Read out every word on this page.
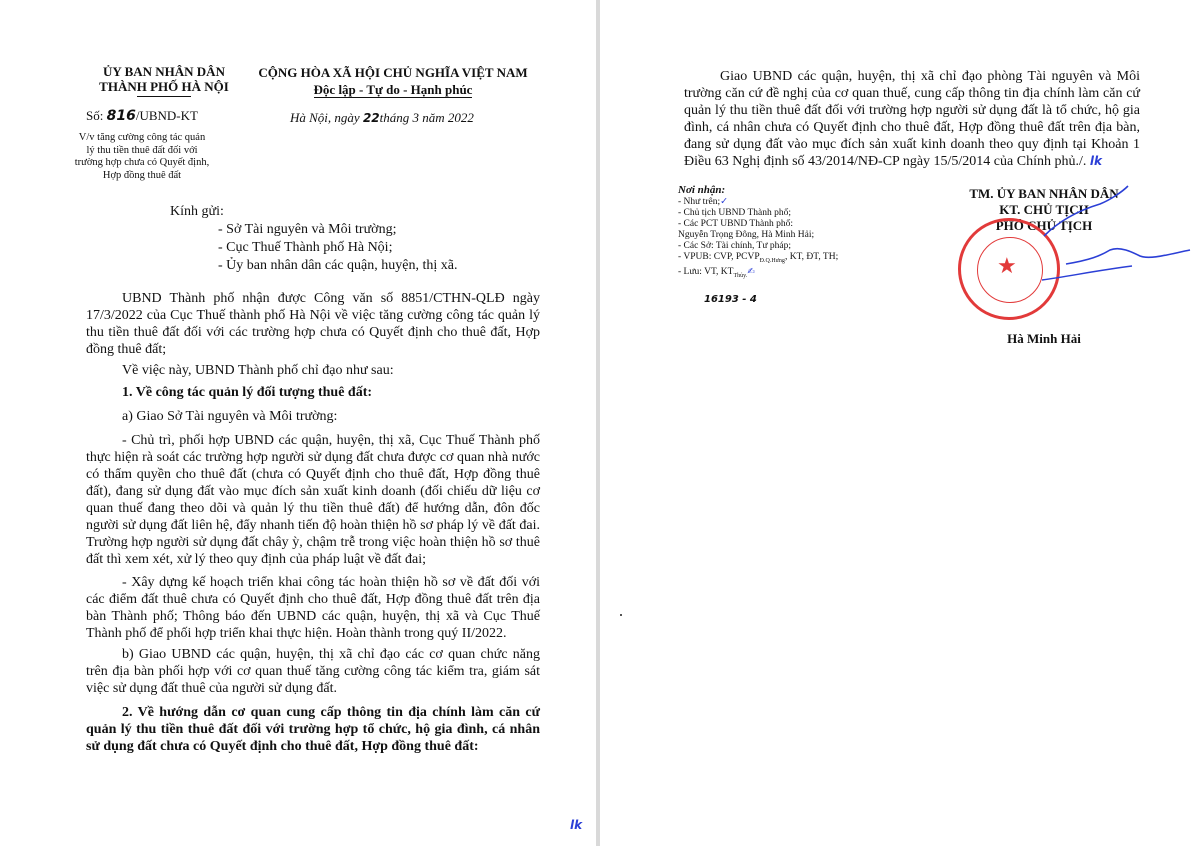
ỦY BAN NHÂN DÂN
THÀNH PHỐ HÀ NỘI
CỘNG HÒA XÃ HỘI CHỦ NGHĨA VIỆT NAM
Độc lập - Tự do - Hạnh phúc
Số: 816/UBND-KT	Hà Nội, ngày 22tháng 3 năm 2022
V/v tăng cường công tác quản
lý thu tiền thuê đất đối với
trường hợp chưa có Quyết định,
Hợp đồng thuê đất
Kính gửi:
- Sở Tài nguyên và Môi trường;
- Cục Thuế Thành phố Hà Nội;
- Ủy ban nhân dân các quận, huyện, thị xã.
UBND Thành phố nhận được Công văn số 8851/CTHN-QLĐ ngày 17/3/2022 của Cục Thuế thành phố Hà Nội về việc tăng cường công tác quản lý thu tiền thuê đất đối với các trường hợp chưa có Quyết định cho thuê đất, Hợp đồng thuê đất;
Về việc này, UBND Thành phố chỉ đạo như sau:
1. Về công tác quản lý đối tượng thuê đất:
a) Giao Sở Tài nguyên và Môi trường:
- Chủ trì, phối hợp UBND các quận, huyện, thị xã, Cục Thuế Thành phố thực hiện rà soát các trường hợp người sử dụng đất chưa được cơ quan nhà nước có thẩm quyền cho thuê đất (chưa có Quyết định cho thuê đất, Hợp đồng thuê đất), đang sử dụng đất vào mục đích sản xuất kinh doanh (đối chiếu dữ liệu cơ quan thuế đang theo dõi và quản lý thu tiền thuê đất) để hướng dẫn, đôn đốc người sử dụng đất liên hệ, đẩy nhanh tiến độ hoàn thiện hồ sơ pháp lý về đất đai. Trường hợp người sử dụng đất chây ỳ, chậm trễ trong việc hoàn thiện hồ sơ thuê đất thì xem xét, xử lý theo quy định của pháp luật về đất đai;
- Xây dựng kế hoạch triển khai công tác hoàn thiện hồ sơ về đất đối với các điểm đất thuê chưa có Quyết định cho thuê đất, Hợp đồng thuê đất trên địa bàn Thành phố; Thông báo đến UBND các quận, huyện, thị xã và Cục Thuế Thành phố để phối hợp triển khai thực hiện. Hoàn thành trong quý II/2022.
b) Giao UBND các quận, huyện, thị xã chỉ đạo các cơ quan chức năng trên địa bàn phối hợp với cơ quan thuế tăng cường công tác kiểm tra, giám sát việc sử dụng đất thuê của người sử dụng đất.
2. Về hướng dẫn cơ quan cung cấp thông tin địa chính làm căn cứ quản lý thu tiền thuê đất đối với trường hợp tổ chức, hộ gia đình, cá nhân sử dụng đất chưa có Quyết định cho thuê đất, Hợp đồng thuê đất:
lk
Giao UBND các quận, huyện, thị xã chỉ đạo phòng Tài nguyên và Môi trường căn cứ đề nghị của cơ quan thuế, cung cấp thông tin địa chính làm căn cứ quản lý thu tiền thuê đất đối với trường hợp người sử dụng đất là tổ chức, hộ gia đình, cá nhân chưa có Quyết định cho thuê đất, Hợp đồng thuê đất trên địa bàn, đang sử dụng đất vào mục đích sản xuất kinh doanh theo quy định tại Khoản 1 Điều 63 Nghị định số 43/2014/NĐ-CP ngày 15/5/2014 của Chính phủ./. lk
Nơi nhận:
- Như trên;✓
- Chủ tịch UBND Thành phố;
- Các PCT UBND Thành phố:
Nguyễn Trọng Đông, Hà Minh Hải;
- Các Sở: Tài chính, Tư pháp;
- VPUB: CVP, $PCVP_{Đ.Q.Hưng}$, KT, ĐT, TH;
- Lưu: VT, $KT_{Thủy.}✍$
16193 - 4
TM. ỦY BAN NHÂN DÂN
KT. CHỦ TỊCH
PHÓ CHỦ TỊCH
Hà Minh Hải
★
